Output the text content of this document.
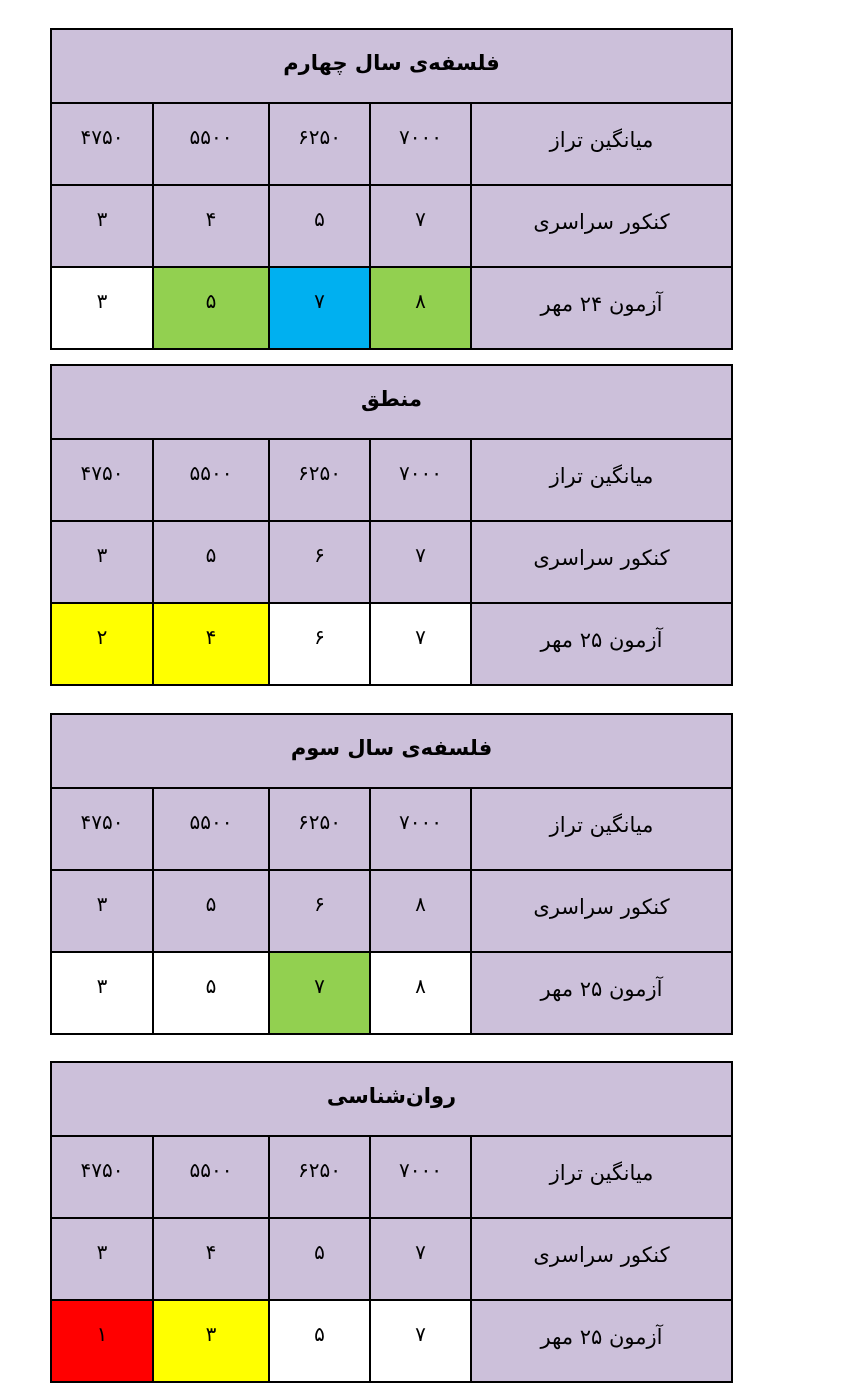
فلسفه‌ی سال چهارم				
۴۷۵۰	۵۵۰۰	۶۲۵۰	۷۰۰۰	میانگین تراز
۳	۴	۵	۷	کنکور سراسری
۳	۵	۷	۸	آزمون ۲۴ مهر
منطق				
۴۷۵۰	۵۵۰۰	۶۲۵۰	۷۰۰۰	میانگین تراز
۳	۵	۶	۷	کنکور سراسری
۲	۴	۶	۷	آزمون ۲۵ مهر
فلسفه‌ی سال سوم				
۴۷۵۰	۵۵۰۰	۶۲۵۰	۷۰۰۰	میانگین تراز
۳	۵	۶	۸	کنکور سراسری
۳	۵	۷	۸	آزمون ۲۵ مهر
روان‌شناسی				
۴۷۵۰	۵۵۰۰	۶۲۵۰	۷۰۰۰	میانگین تراز
۳	۴	۵	۷	کنکور سراسری
۱	۳	۵	۷	آزمون ۲۵ مهر
